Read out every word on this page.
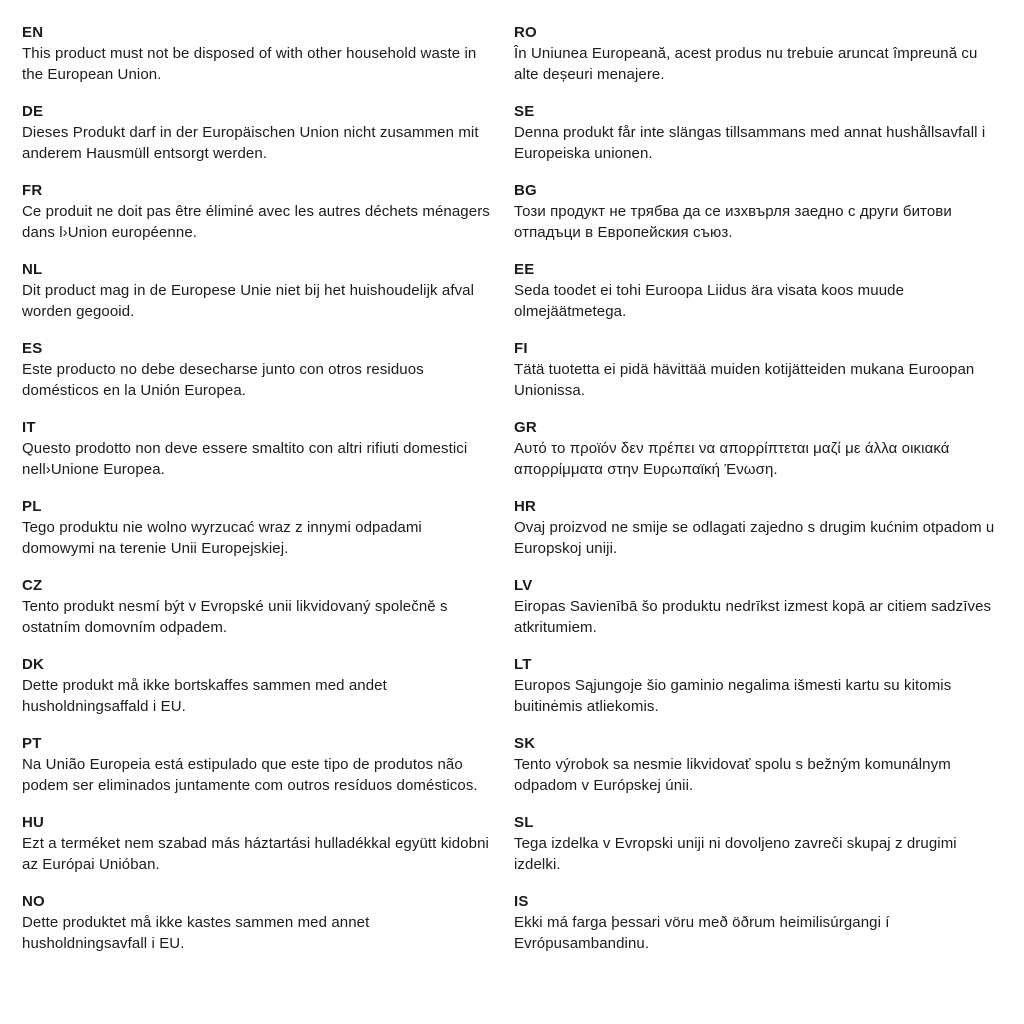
EN

This product must not be disposed of with other household waste in the European Union.

DE

Dieses Produkt darf in der Europäischen Union nicht zusammen mit anderem Hausmüll entsorgt werden.

FR

Ce produit ne doit pas être éliminé avec les autres déchets ménagers dans l›Union européenne.

NL

Dit product mag in de Europese Unie niet bij het huishoudelijk afval worden gegooid.

ES

Este producto no debe desecharse junto con otros residuos domésticos en la Unión Europea.

IT

Questo prodotto non deve essere smaltito con altri rifiuti domestici nell›Unione Europea.

PL

Tego produktu nie wolno wyrzucać wraz z innymi odpadami domowymi na terenie Unii Europejskiej.

CZ

Tento produkt nesmí být v Evropské unii likvidovaný společně s ostatním domovním odpadem.

DK

Dette produkt må ikke bortskaffes sammen med andet husholdningsaffald i EU.

PT

Na União Europeia está estipulado que este tipo de produtos não podem ser eliminados juntamente com outros resíduos domésticos.

HU

Ezt a terméket nem szabad más háztartási hulladékkal együtt kidobni az Európai Unióban.

NO

Dette produktet må ikke kastes sammen med annet husholdningsavfall i EU.

RO

În Uniunea Europeană, acest produs nu trebuie aruncat împreună cu alte deșeuri menajere.

SE

Denna produkt får inte slängas tillsammans med annat hushållsavfall i Europeiska unionen.

BG

Този продукт не трябва да се изхвърля заедно с други битови отпадъци в Европейския съюз.

EE

Seda toodet ei tohi Euroopa Liidus ära visata koos muude olmejäätmetega.

FI

Tätä tuotetta ei pidä hävittää muiden kotijätteiden mukana Euroopan Unionissa.

GR

Αυτό το προϊόν δεν πρέπει να απορρίπτεται μαζί με άλλα οικιακά απορρίμματα στην Ευρωπαϊκή Ένωση.

HR

Ovaj proizvod ne smije se odlagati zajedno s drugim kućnim otpadom u Europskoj uniji.

LV

Eiropas Savienībā šo produktu nedrīkst izmest kopā ar citiem sadzīves atkritumiem.

LT

Europos Sąjungoje šio gaminio negalima išmesti kartu su kitomis buitinėmis atliekomis.

SK

Tento výrobok sa nesmie likvidovať spolu s bežným komunálnym odpadom v Európskej únii.

SL

Tega izdelka v Evropski uniji ni dovoljeno zavreči skupaj z drugimi izdelki.

IS

Ekki má farga þessari vöru með öðrum heimilisúrgangi í Evrópusambandinu.
